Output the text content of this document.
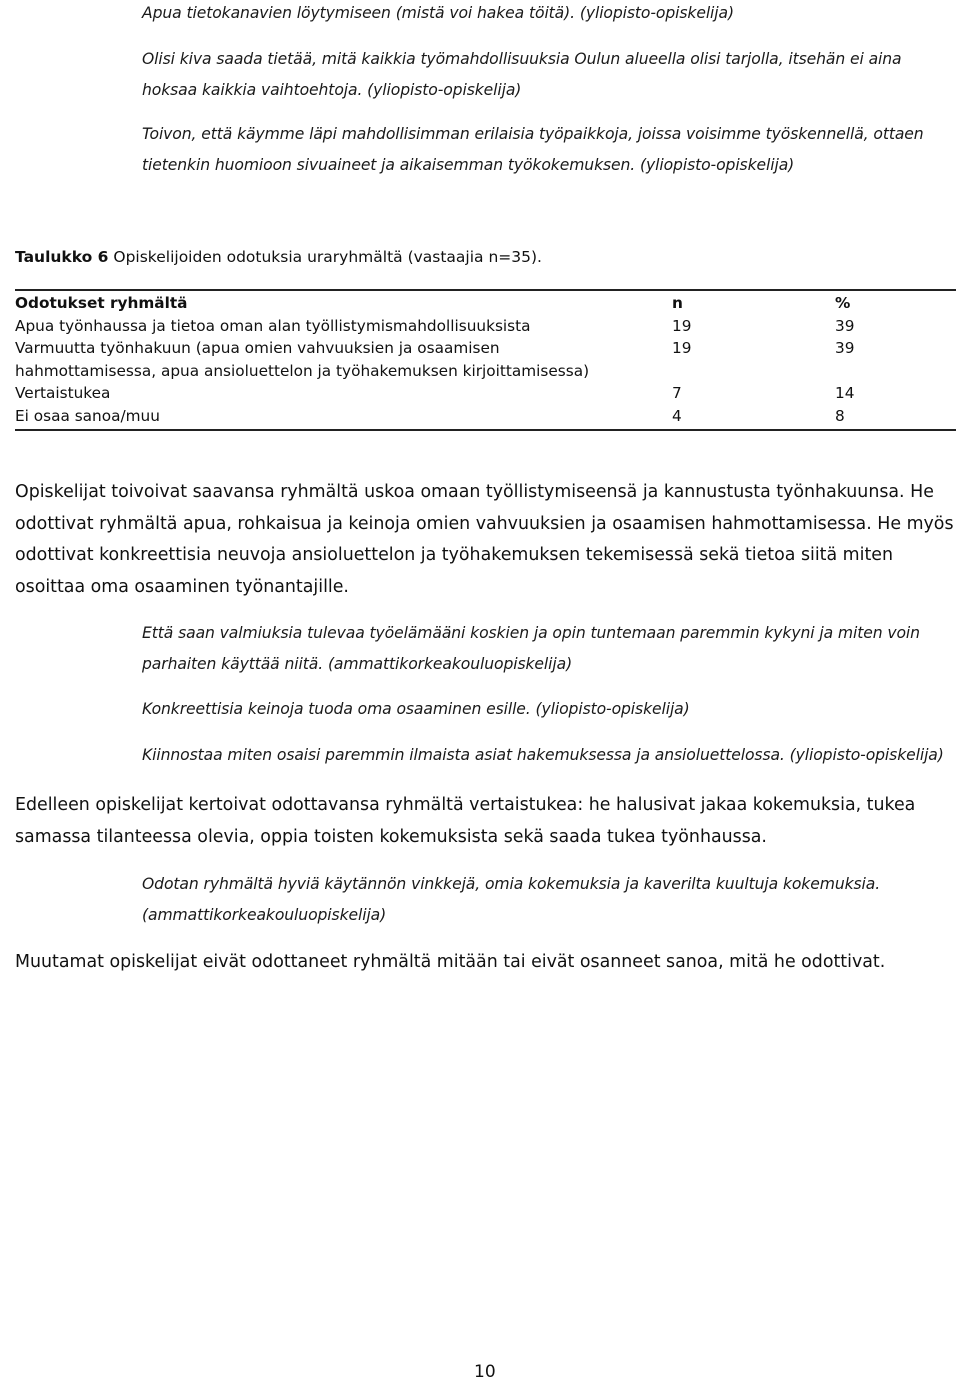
Apua tietokanavien löytymiseen (mistä voi hakea töitä). (yliopisto-opiskelija)

Olisi kiva saada tietää, mitä kaikkia työmahdollisuuksia Oulun alueella olisi tarjolla, itsehän ei aina hoksaa kaikkia vaihtoehtoja. (yliopisto-opiskelija)

Toivon, että käymme läpi mahdollisimman erilaisia työpaikkoja, joissa voisimme työskennellä, ottaen tietenkin huomioon sivuaineet ja aikaisemman työkokemuksen. (yliopisto-opiskelija)

Taulukko 6 Opiskelijoiden odotuksia uraryhmältä (vastaajia n=35).

Odotukset ryhmältä	n	%
Apua työnhaussa ja tietoa oman alan työllistymismahdollisuuksista	19	39
Varmuutta työnhakuun (apua omien vahvuuksien ja osaamisen hahmottamisessa, apua ansioluettelon ja työhakemuksen kirjoittamisessa)	19	39
Vertaistukea	7	14
Ei osaa sanoa/muu	4	8

Opiskelijat toivoivat saavansa ryhmältä uskoa omaan työllistymiseensä ja kannustusta työnhakuunsa. He odottivat ryhmältä apua, rohkaisua ja keinoja omien vahvuuksien ja osaamisen hahmottamisessa. He myös odottivat konkreettisia neuvoja ansioluettelon ja työhakemuksen tekemisessä sekä tietoa siitä miten osoittaa oma osaaminen työnantajille.

Että saan valmiuksia tulevaa työelämääni koskien ja opin tuntemaan paremmin kykyni ja miten voin parhaiten käyttää niitä. (ammattikorkeakouluopiskelija)

Konkreettisia keinoja tuoda oma osaaminen esille. (yliopisto-opiskelija)

Kiinnostaa miten osaisi paremmin ilmaista asiat hakemuksessa ja ansioluettelossa. (yliopisto-opiskelija)

Edelleen opiskelijat kertoivat odottavansa ryhmältä vertaistukea: he halusivat jakaa kokemuksia, tukea samassa tilanteessa olevia, oppia toisten kokemuksista sekä saada tukea työnhaussa.

Odotan ryhmältä hyviä käytännön vinkkejä, omia kokemuksia ja kaverilta kuultuja kokemuksia. (ammattikorkeakouluopiskelija)

Muutamat opiskelijat eivät odottaneet ryhmältä mitään tai eivät osanneet sanoa, mitä he odottivat.

10
